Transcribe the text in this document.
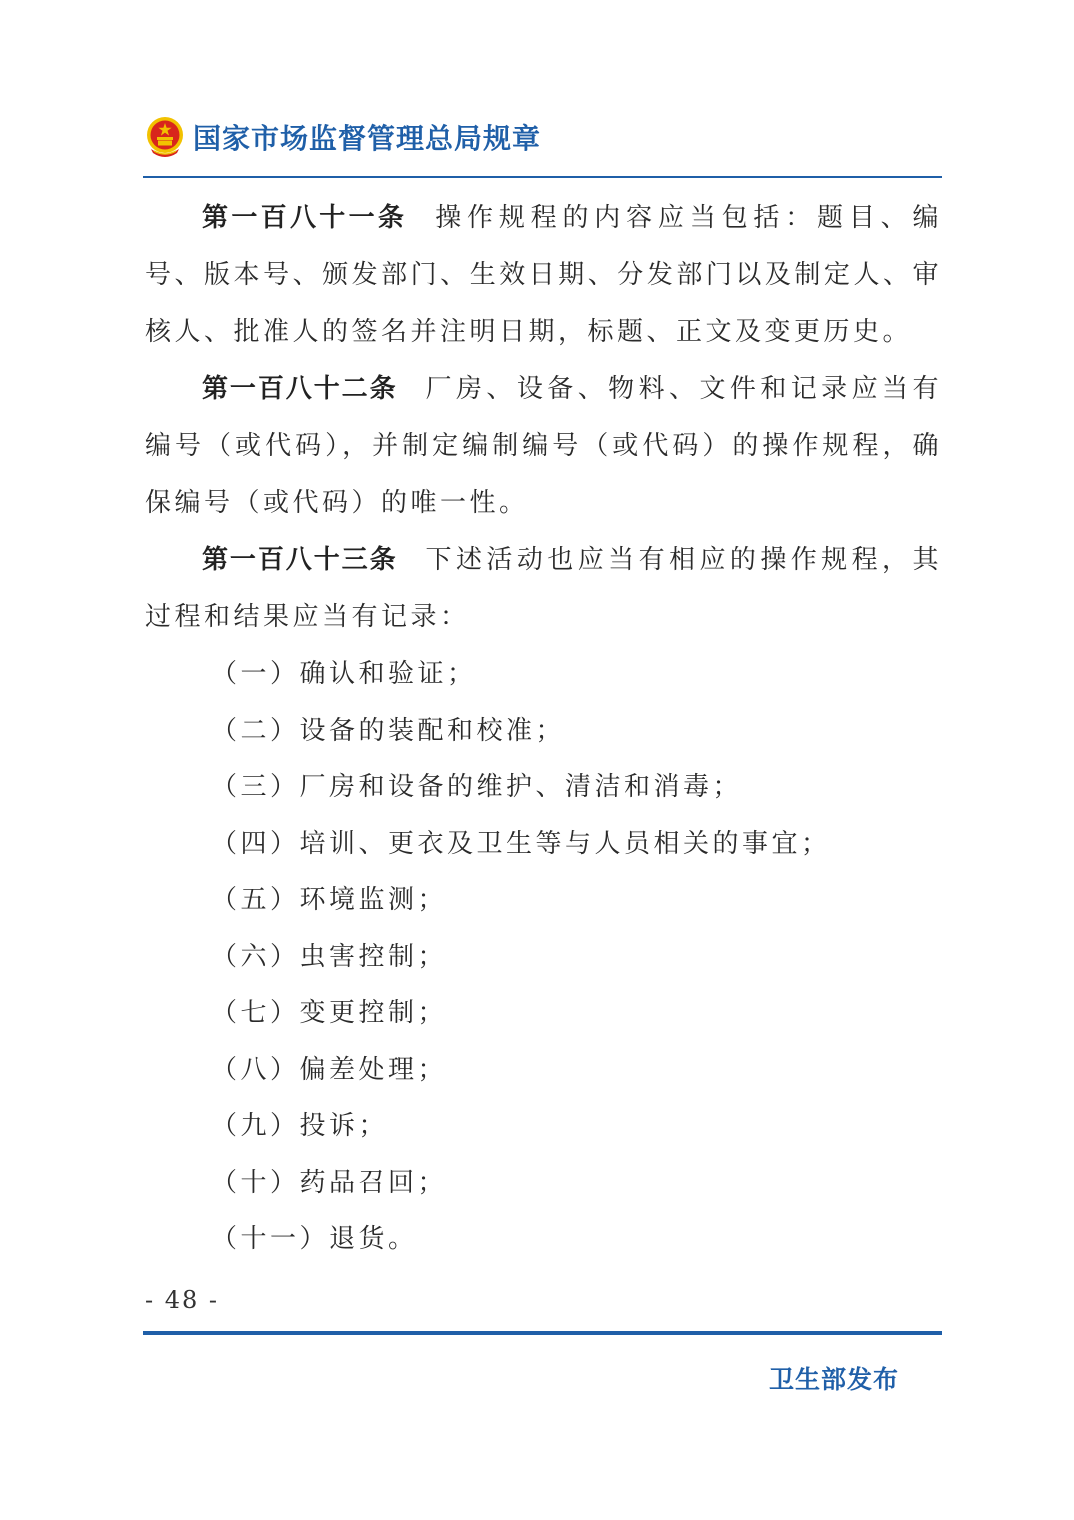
国家市场监督管理总局规章

第一百八十一条 操作规程的内容应当包括：题目、编号、版本号、颁发部门、生效日期、分发部门以及制定人、审核人、批准人的签名并注明日期，标题、正文及变更历史。

第一百八十二条 厂房、设备、物料、文件和记录应当有编号（或代码），并制定编制编号（或代码）的操作规程，确保编号（或代码）的唯一性。

第一百八十三条 下述活动也应当有相应的操作规程，其过程和结果应当有记录：

（一）确认和验证；

（二）设备的装配和校准；

（三）厂房和设备的维护、清洁和消毒；

（四）培训、更衣及卫生等与人员相关的事宜；

（五）环境监测；

（六）虫害控制；

（七）变更控制；

（八）偏差处理；

（九）投诉；

（十）药品召回；

（十一）退货。

- 48 -
卫生部发布
